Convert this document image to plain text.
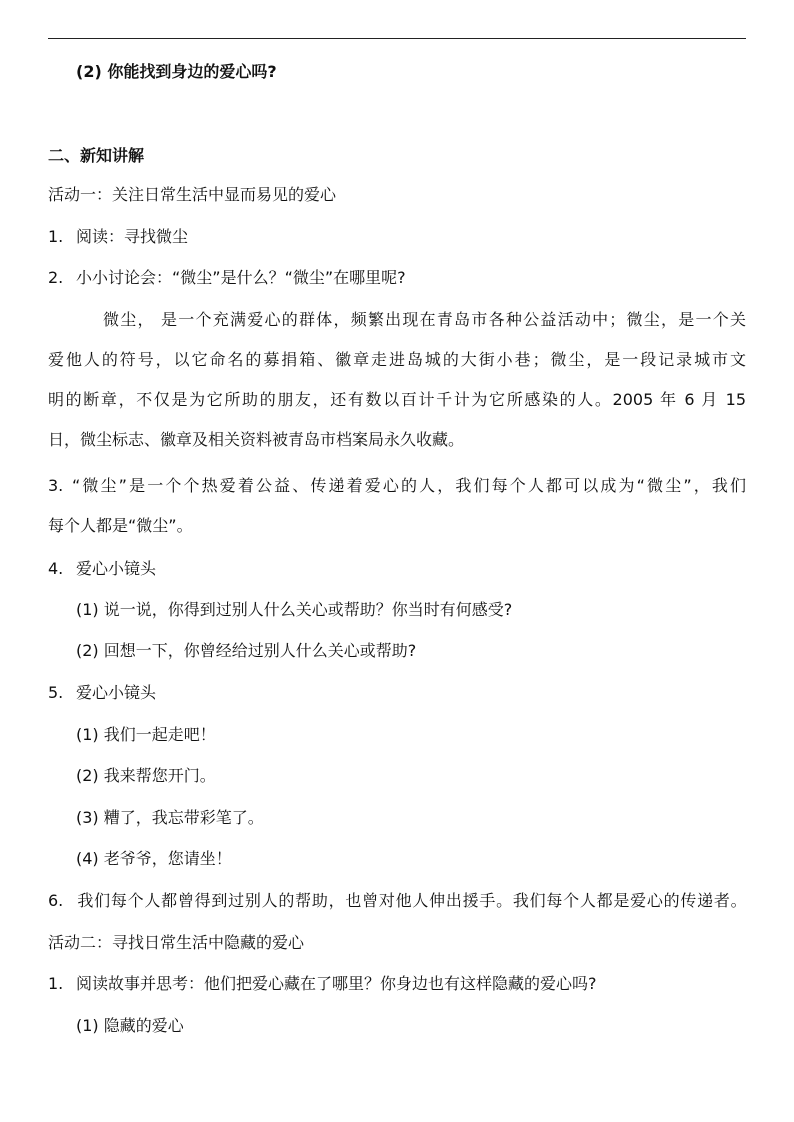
(2) 你能找到身边的爱心吗?
二、新知讲解
活动一：关注日常生活中显而易见的爱心
1. 阅读：寻找微尘
2. 小小讨论会：“微尘”是什么？“微尘”在哪里呢?
微尘， 是一个充满爱心的群体，频繁出现在青岛市各种公益活动中；微尘，是一个关
爱他人的符号，以它命名的募捐箱、徽章走进岛城的大街小巷；微尘，是一段记录城市文
明的断章，不仅是为它所助的朋友，还有数以百计千计为它所感染的人。2005 年 6 月 15
日，微尘标志、徽章及相关资料被青岛市档案局永久收藏。
3. “微尘”是一个个热爱着公益、传递着爱心的人，我们每个人都可以成为“微尘”，我们
每个人都是“微尘”。
4. 爱心小镜头
(1) 说一说，你得到过别人什么关心或帮助？你当时有何感受?
(2) 回想一下，你曾经给过别人什么关心或帮助?
5. 爱心小镜头
(1) 我们一起走吧！
(2) 我来帮您开门。
(3) 糟了，我忘带彩笔了。
(4) 老爷爷，您请坐！
6. 我们每个人都曾得到过别人的帮助，也曾对他人伸出援手。我们每个人都是爱心的传递者。
活动二：寻找日常生活中隐藏的爱心
1. 阅读故事并思考：他们把爱心藏在了哪里？你身边也有这样隐藏的爱心吗?
(1) 隐藏的爱心
